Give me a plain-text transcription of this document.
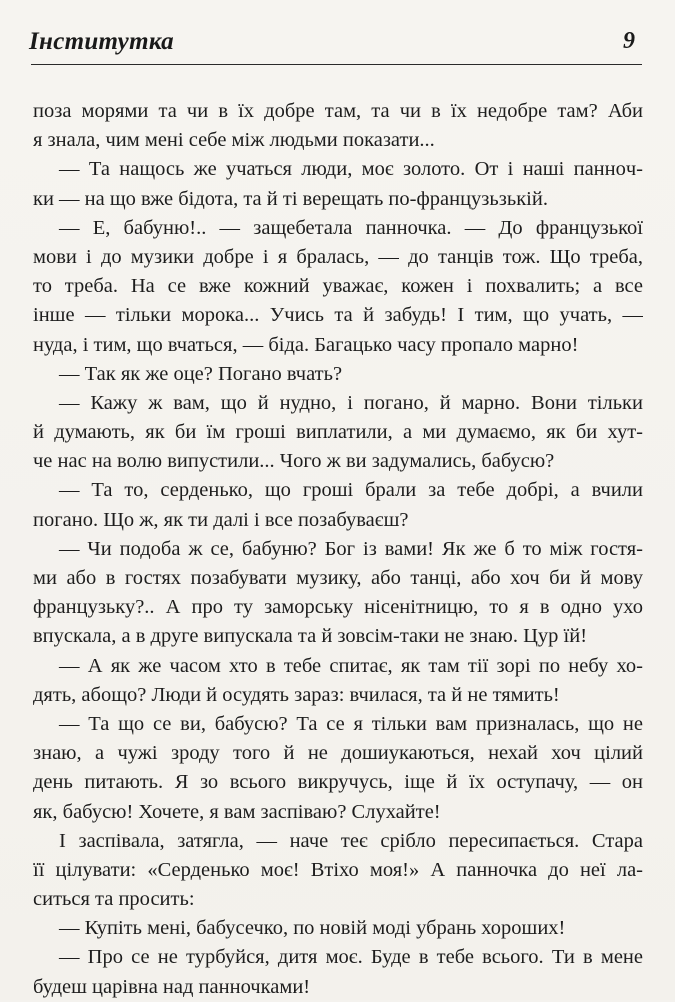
Інститутка	9
поза морями та чи в їх добре там, та чи в їх недобре там? Аби
я знала, чим мені себе між людьми показати...
— Та нащось же учаться люди, моє золото. От і наші паннoч-
ки — на що вже бідота, та й ті верещать по-французьзькій.
— Е, бабуню!.. — защебетала панночка. — До французької
мови і до музики добре і я бралась, — до танців тож. Що треба,
то треба. На се вже кожний уважає, кожен і похвалить; а все
інше — тільки морока... Учись та й забудь! І тим, що учать, —
нуда, і тим, що вчаться, — біда. Багацько часу пропало марно!
— Так як же оце? Погано вчать?
— Кажу ж вам, що й нудно, і погано, й марно. Вони тільки
й думають, як би їм гроші виплатили, а ми думаємо, як би хут-
че нас на волю випустили... Чого ж ви задумались, бабусю?
— Та то, серденько, що гроші брали за тебе добрі, а вчили
погано. Що ж, як ти далі і все позабуваєш?
— Чи подоба ж се, бабуню? Бог із вами! Як же б то між гостя-
ми або в гостях позабувати музику, або танці, або хоч би й мову
французьку?.. А про ту заморську нісенітницю, то я в одно ухо
впускала, а в друге випускала та й зовсім-таки не знаю. Цур їй!
— А як же часом хто в тебе спитає, як там тії зорі по небу хо-
дять, абощо? Люди й осудять зараз: вчилася, та й не тямить!
— Та що се ви, бабусю? Та се я тільки вам призналась, що не
знаю, а чужі зроду того й не дошиукаються, нехай хоч цілий
день питають. Я зо всього викручусь, іще й їх оступачу, — он
як, бабусю! Хочете, я вам заспіваю? Слухайте!
І заспівала, затягла, — наче теє срібло пересипається. Стара
її цілувати: «Серденько моє! Втіхо моя!» А панночка до неї ла-
ситься та просить:
— Купіть мені, бабусечко, по новій моді убрань хороших!
— Про се не турбуйся, дитя моє. Буде в тебе всього. Ти в мене
будеш царівна над панночками!
